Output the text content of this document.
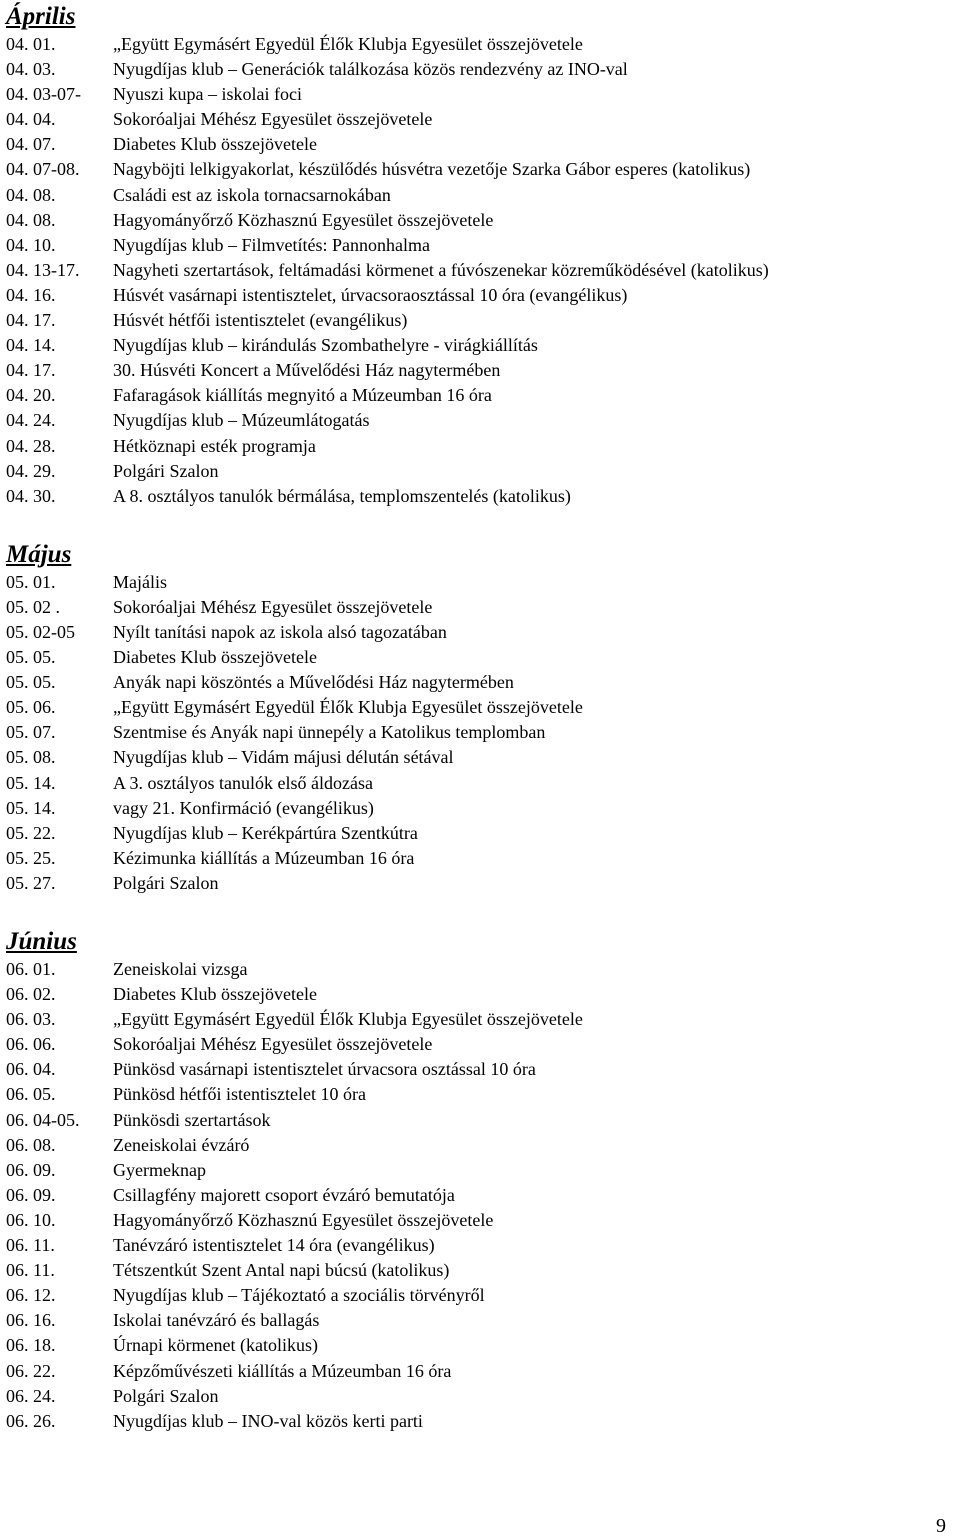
Április
04. 01.	„Együtt Egymásért Egyedül Élők Klubja Egyesület összejövetele
04. 03.	Nyugdíjas klub – Generációk találkozása közös rendezvény az INO-val
04. 03-07-	Nyuszi kupa – iskolai foci
04. 04.	Sokoróaljai Méhész Egyesület összejövetele
04. 07.	Diabetes Klub összejövetele
04. 07-08.	Nagyböjti lelkigyakorlat, készülődés húsvétra vezetője Szarka Gábor esperes (katolikus)
04. 08.	Családi est az iskola tornacsarnokában
04. 08.	Hagyományőrző Közhasznú Egyesület összejövetele
04. 10.	Nyugdíjas klub – Filmvetítés: Pannonhalma
04. 13-17.	Nagyheti szertartások, feltámadási körmenet a fúvószenekar közreműködésével (katolikus)
04. 16.	Húsvét vasárnapi istentisztelet, úrvacsoraosztással 10 óra (evangélikus)
04. 17.	Húsvét hétfői istentisztelet (evangélikus)
04. 14.	Nyugdíjas klub – kirándulás Szombathelyre - virágkiállítás
04. 17.	30. Húsvéti Koncert a Művelődési Ház nagytermében
04. 20.	Fafaragások kiállítás megnyitó a Múzeumban 16 óra
04. 24.	Nyugdíjas klub – Múzeumlátogatás
04. 28.	Hétköznapi esték programja
04. 29.	Polgári Szalon
04. 30.	A 8. osztályos tanulók bérmálása, templomszentelés (katolikus)
Május
05. 01.	Majális
05. 02 .	Sokoróaljai Méhész Egyesület összejövetele
05. 02-05	Nyílt tanítási napok az iskola alsó tagozatában
05. 05.	Diabetes Klub összejövetele
05. 05.	Anyák napi köszöntés a Művelődési Ház nagytermében
05. 06.	„Együtt Egymásért Egyedül Élők Klubja Egyesület összejövetele
05. 07.	Szentmise és Anyák napi ünnepély a Katolikus templomban
05. 08.	Nyugdíjas klub – Vidám májusi délután sétával
05. 14.	A 3. osztályos tanulók első áldozása
05. 14.	vagy 21. Konfirmáció (evangélikus)
05. 22.	Nyugdíjas klub – Kerékpártúra Szentkútra
05. 25.	Kézimunka kiállítás a Múzeumban 16 óra
05. 27.	Polgári Szalon
Június
06. 01.	Zeneiskolai vizsga
06. 02.	Diabetes Klub összejövetele
06. 03.	„Együtt Egymásért Egyedül Élők Klubja Egyesület összejövetele
06. 06.	Sokoróaljai Méhész Egyesület összejövetele
06. 04.	Pünkösd vasárnapi istentisztelet úrvacsora osztással 10 óra
06. 05.	Pünkösd hétfői istentisztelet 10 óra
06. 04-05.	Pünkösdi szertartások
06. 08.	Zeneiskolai évzáró
06. 09.	Gyermeknap
06. 09.	Csillagfény majorett csoport évzáró bemutatója
06. 10.	Hagyományőrző Közhasznú Egyesület összejövetele
06. 11.	Tanévzáró istentisztelet 14 óra (evangélikus)
06. 11.	Tétszentkút Szent Antal napi búcsú (katolikus)
06. 12.	Nyugdíjas klub – Tájékoztató a szociális törvényről
06. 16.	Iskolai tanévzáró és ballagás
06. 18.	Úrnapi körmenet (katolikus)
06. 22.	Képzőművészeti kiállítás a Múzeumban 16 óra
06. 24.	Polgári Szalon
06. 26.	Nyugdíjas klub – INO-val közös kerti parti
9
